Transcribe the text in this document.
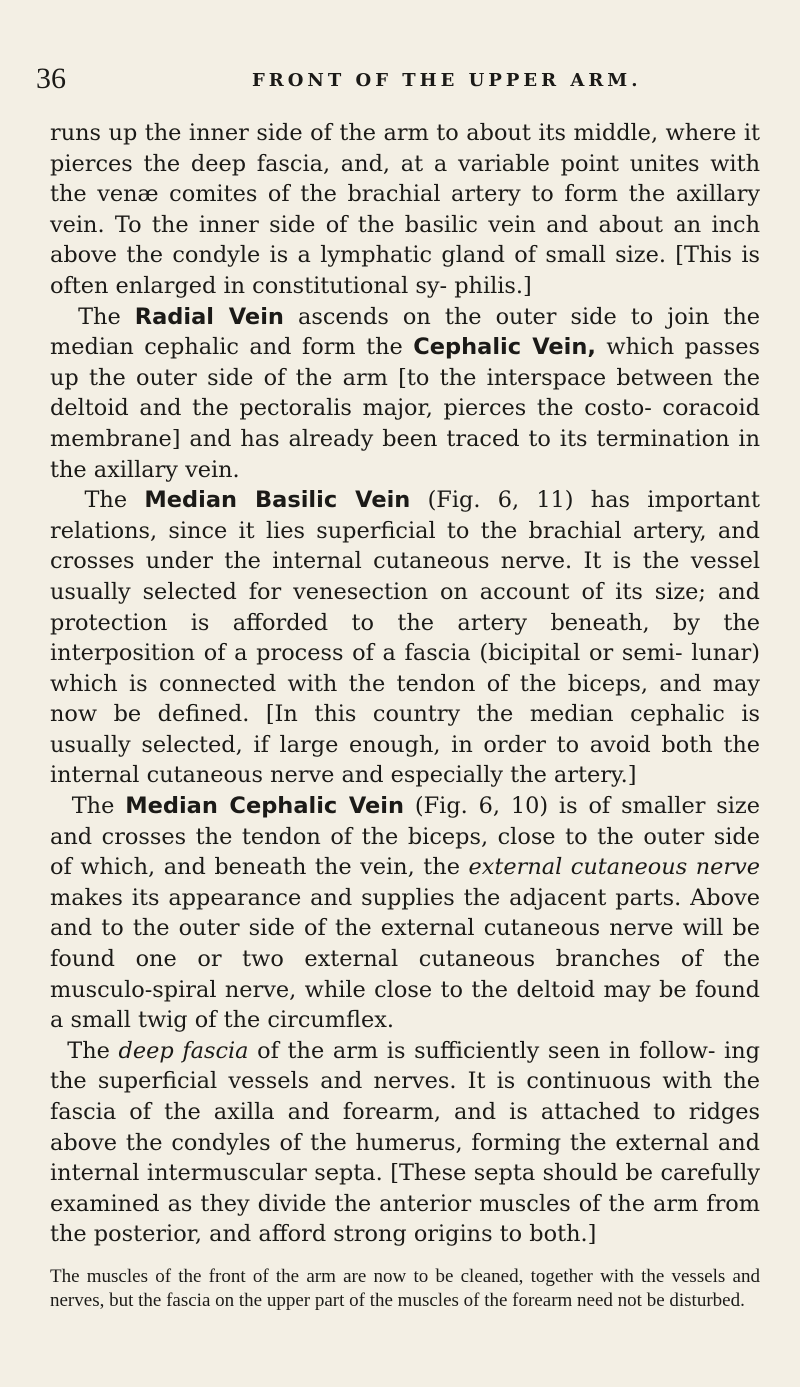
36	FRONT OF THE UPPER ARM.

runs up the inner side of the arm to about its middle, where it pierces the deep fascia, and, at a variable point unites with the venæ comites of the brachial artery to form the axillary vein. To the inner side of the basilic vein and about an inch above the condyle is a lymphatic gland of small size. [This is often enlarged in constitutional sy- philis.]

The Radial Vein ascends on the outer side to join the median cephalic and form the Cephalic Vein, which passes up the outer side of the arm [to the interspace between the deltoid and the pectoralis major, pierces the costo- coracoid membrane] and has already been traced to its termination in the axillary vein.

The Median Basilic Vein (Fig. 6, 11) has important relations, since it lies superficial to the brachial artery, and crosses under the internal cutaneous nerve. It is the vessel usually selected for venesection on account of its size; and protection is afforded to the artery beneath, by the interposition of a process of a fascia (bicipital or semi- lunar) which is connected with the tendon of the biceps, and may now be defined. [In this country the median cephalic is usually selected, if large enough, in order to avoid both the internal cutaneous nerve and especially the artery.]

The Median Cephalic Vein (Fig. 6, 10) is of smaller size and crosses the tendon of the biceps, close to the outer side of which, and beneath the vein, the external cutaneous nerve makes its appearance and supplies the adjacent parts. Above and to the outer side of the external cutaneous nerve will be found one or two external cutaneous branches of the musculo-spiral nerve, while close to the deltoid may be found a small twig of the circumflex.

The deep fascia of the arm is sufficiently seen in follow- ing the superficial vessels and nerves. It is continuous with the fascia of the axilla and forearm, and is attached to ridges above the condyles of the humerus, forming the external and internal intermuscular septa. [These septa should be carefully examined as they divide the anterior muscles of the arm from the posterior, and afford strong origins to both.]

The muscles of the front of the arm are now to be cleaned, together with the vessels and nerves, but the fascia on the upper part of the muscles of the forearm need not be disturbed.
